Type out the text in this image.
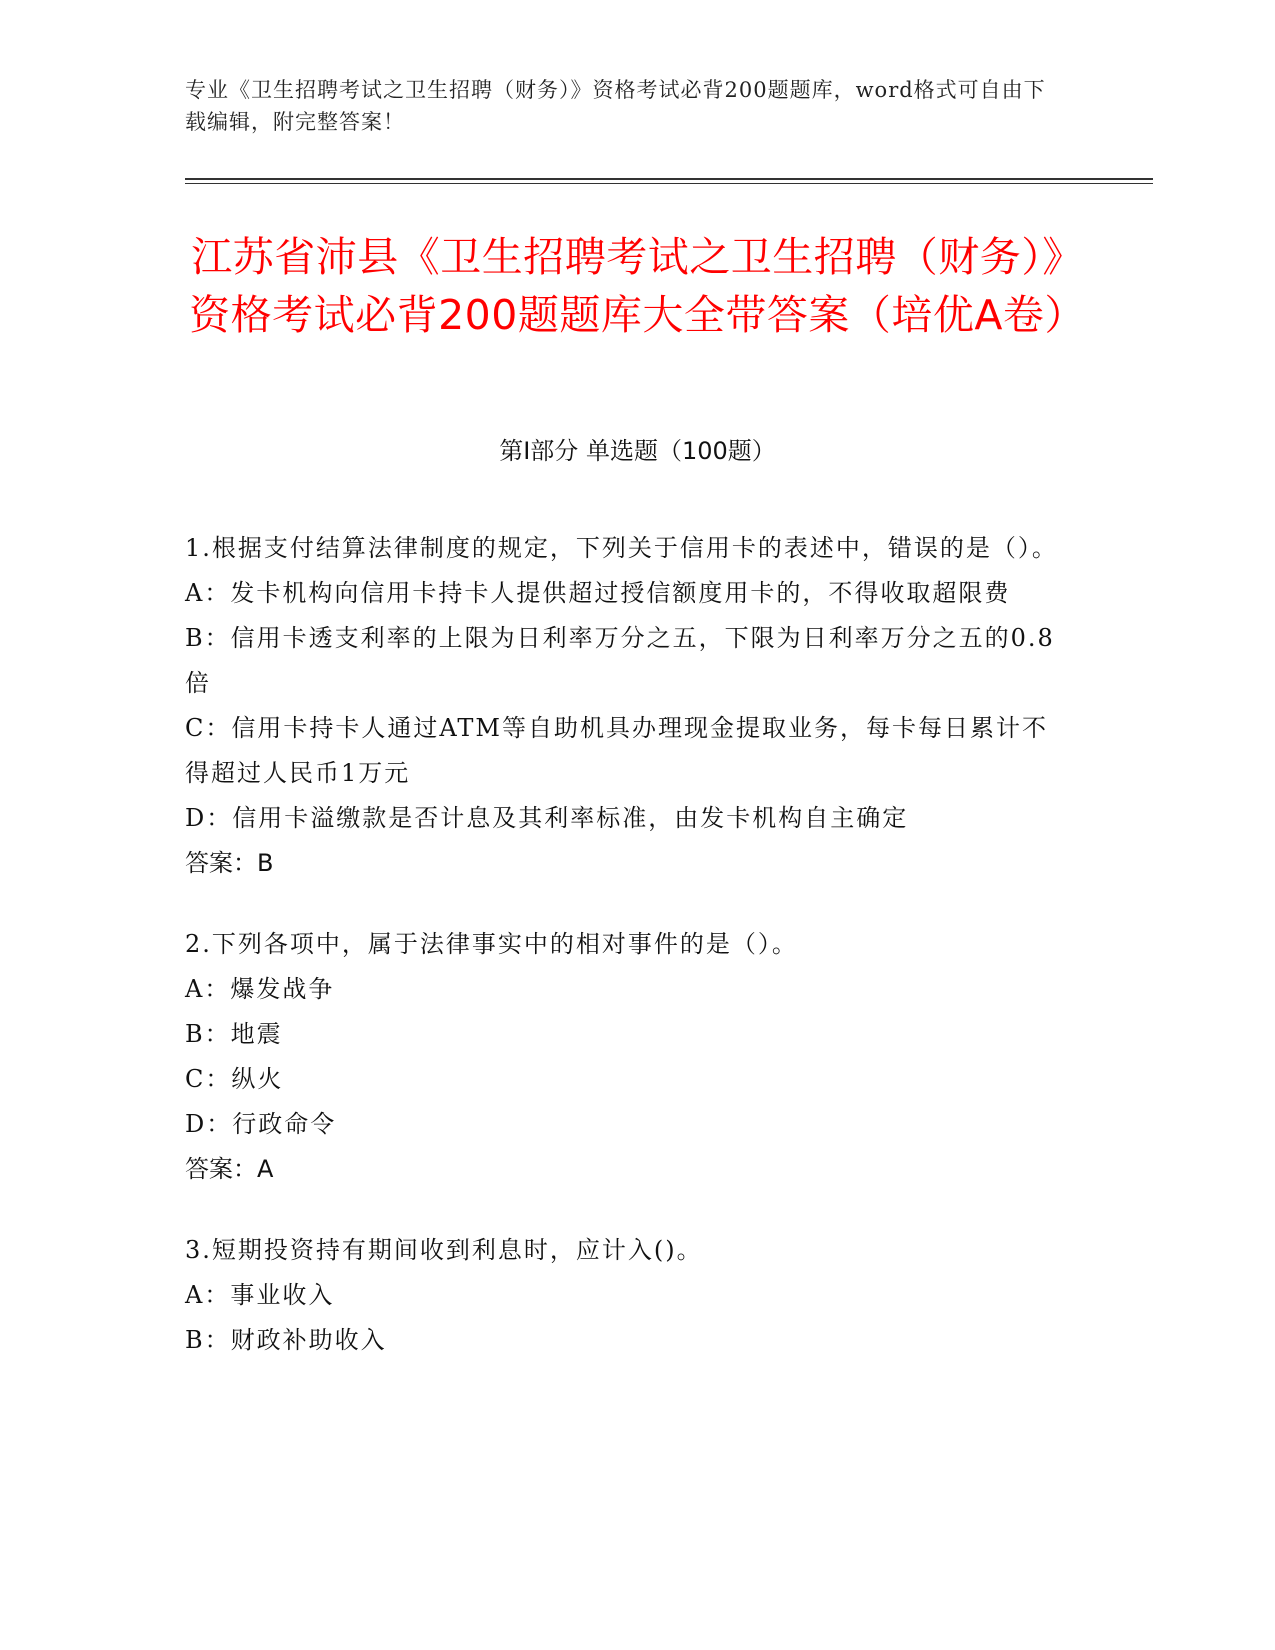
专业《卫生招聘考试之卫生招聘（财务）》资格考试必背200题题库，word格式可自由下载编辑，附完整答案！
江苏省沛县《卫生招聘考试之卫生招聘（财务）》资格考试必背200题题库大全带答案（培优A卷）
第I部分 单选题（100题）

1.根据支付结算法律制度的规定，下列关于信用卡的表述中，错误的是（）。

A：发卡机构向信用卡持卡人提供超过授信额度用卡的，不得收取超限费

B：信用卡透支利率的上限为日利率万分之五，下限为日利率万分之五的0.8倍

C：信用卡持卡人通过ATM等自助机具办理现金提取业务，每卡每日累计不得超过人民币1万元

D：信用卡溢缴款是否计息及其利率标准，由发卡机构自主确定

答案：B

2.下列各项中，属于法律事实中的相对事件的是（）。

A：爆发战争

B：地震

C：纵火

D：行政命令

答案：A

3.短期投资持有期间收到利息时，应计入()。

A：事业收入

B：财政补助收入
